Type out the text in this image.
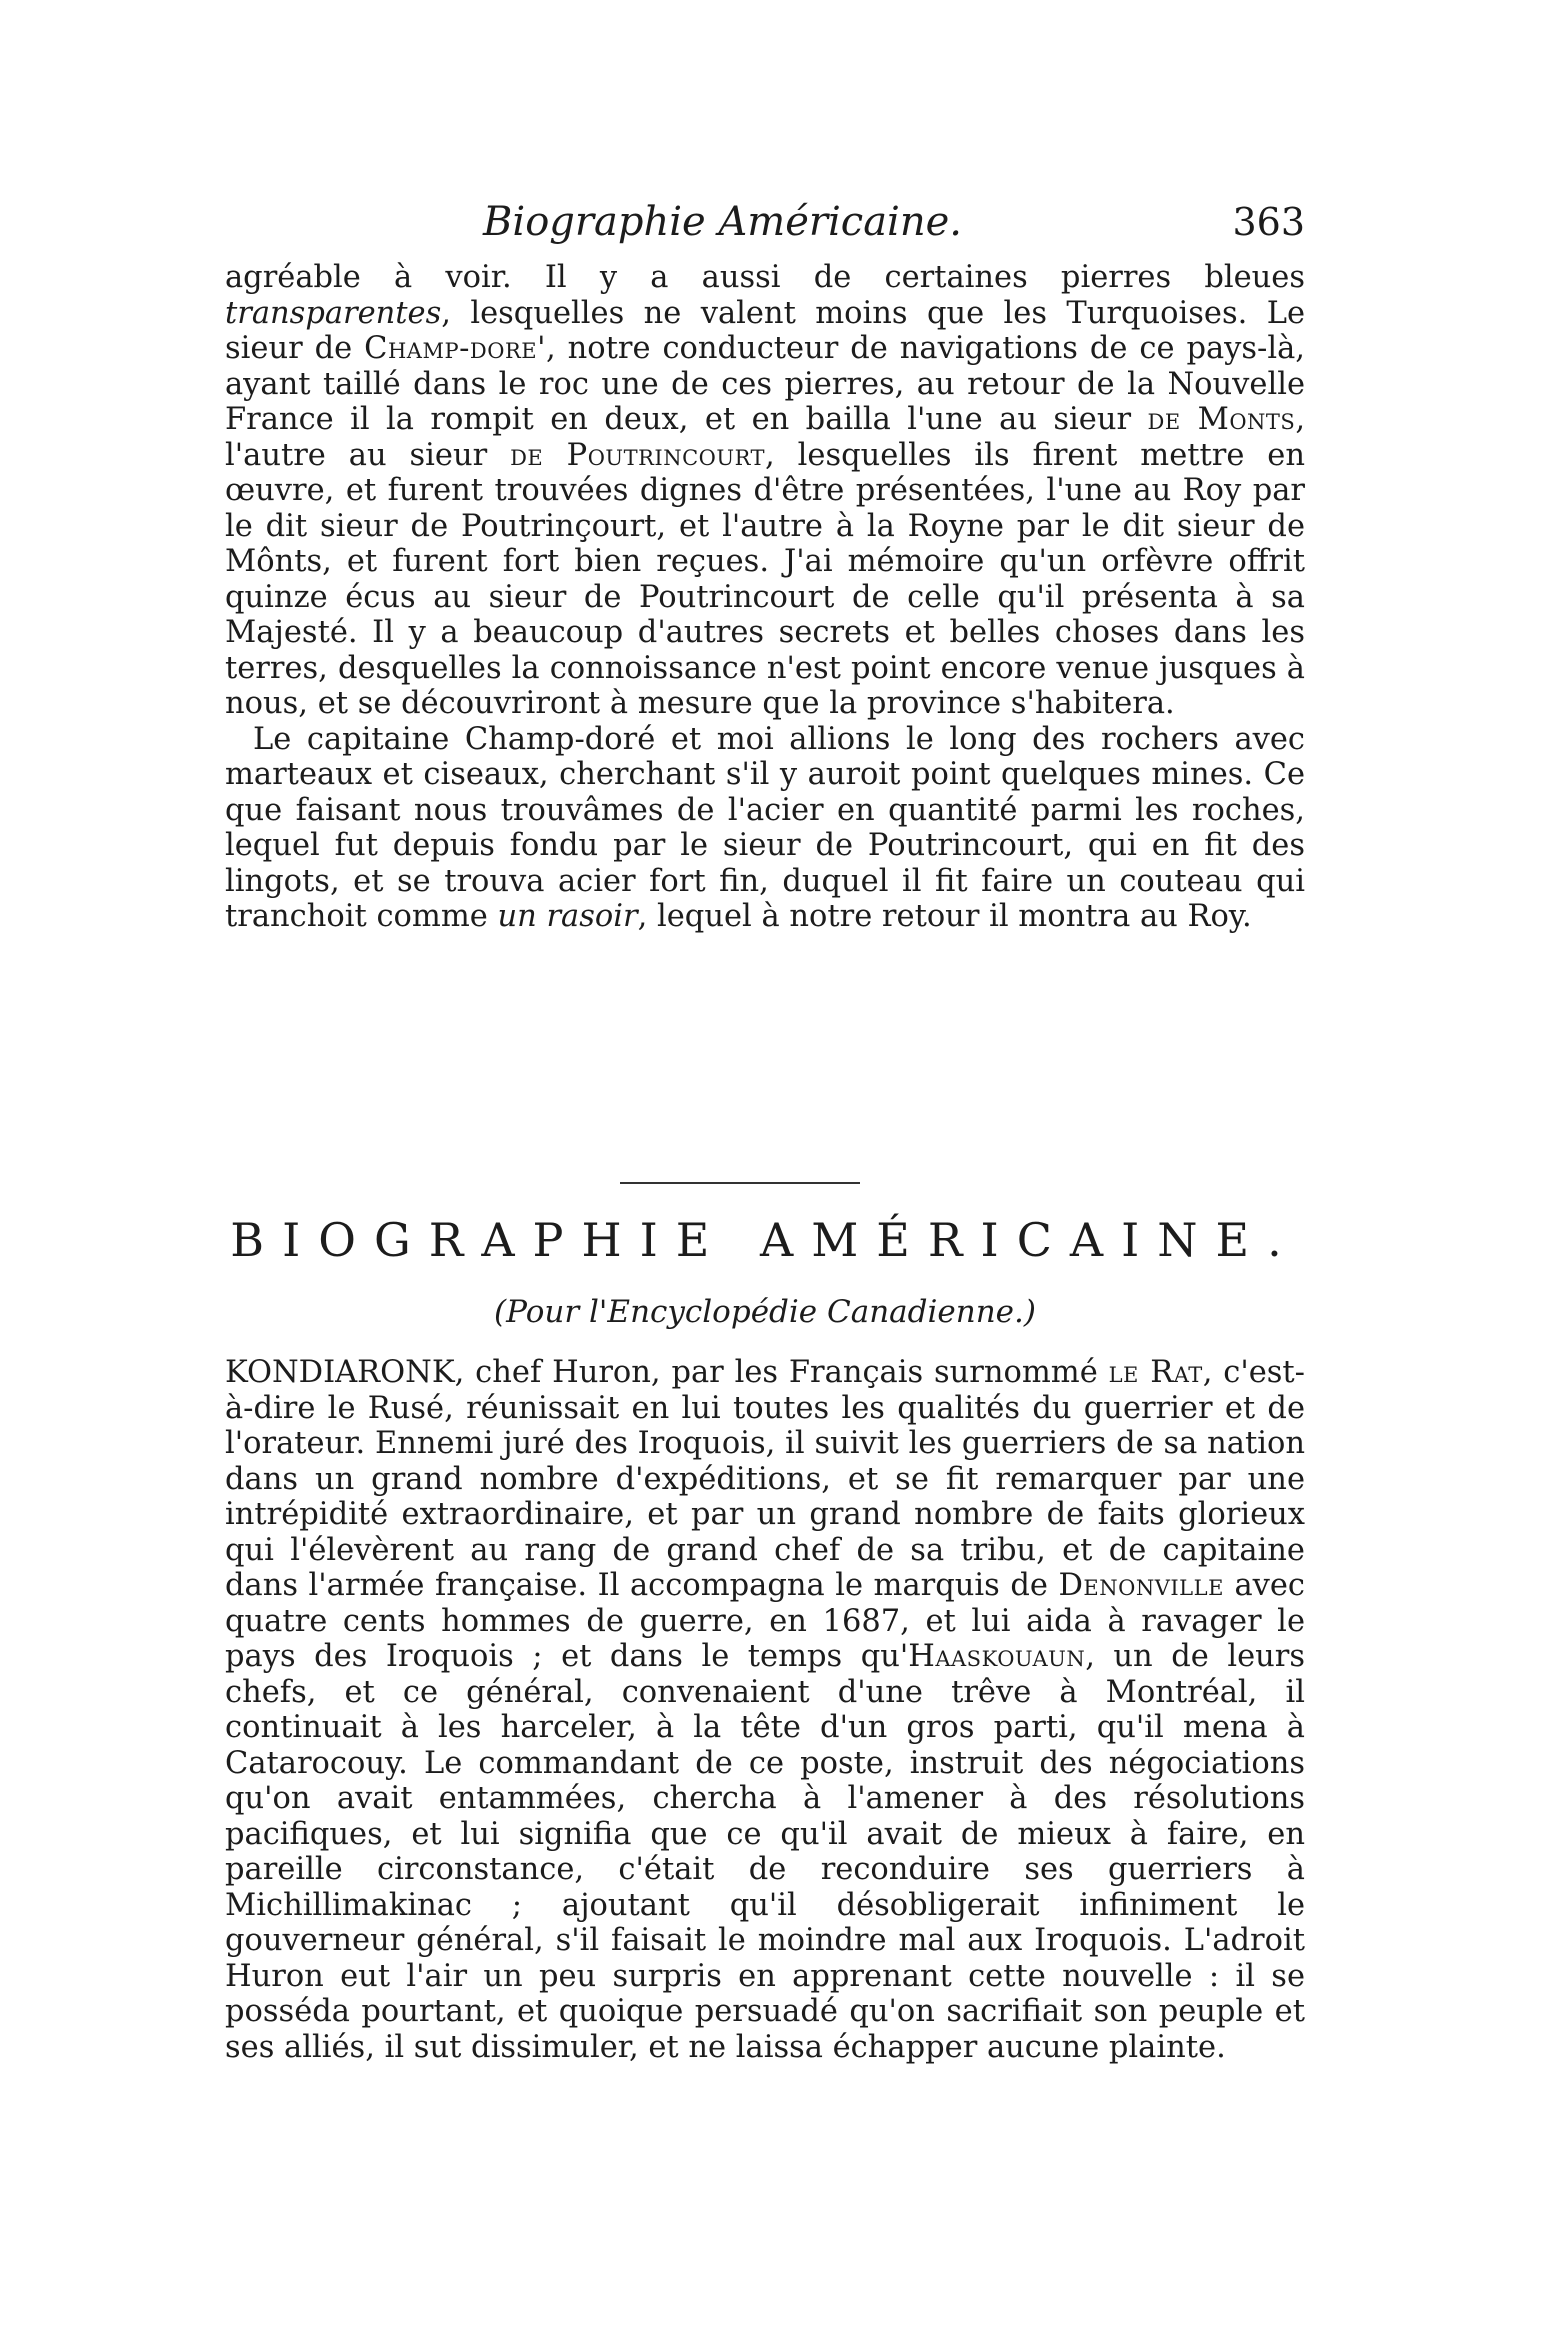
Biographie Américaine.	363

agréable à voir. Il y a aussi de certaines pierres bleues transparentes, lesquelles ne valent moins que les Turquoises. Le sieur de Champ-dore', notre conducteur de navigations de ce pays-là, ayant taillé dans le roc une de ces pierres, au retour de la Nouvelle France il la rompit en deux, et en bailla l'une au sieur de Monts, l'autre au sieur de Poutrincourt, lesquelles ils firent mettre en œuvre, et furent trouvées dignes d'être présentées, l'une au Roy par le dit sieur de Poutrinçourt, et l'autre à la Royne par le dit sieur de Mônts, et furent fort bien reçues. J'ai mémoire qu'un orfèvre offrit quinze écus au sieur de Poutrincourt de celle qu'il présenta à sa Majesté. Il y a beaucoup d'autres secrets et belles choses dans les terres, desquelles la connoissance n'est point encore venue jusques à nous, et se découvriront à mesure que la province s'habitera.

Le capitaine Champ-doré et moi allions le long des rochers avec marteaux et ciseaux, cherchant s'il y auroit point quelques mines. Ce que faisant nous trouvâmes de l'acier en quantité parmi les roches, lequel fut depuis fondu par le sieur de Poutrincourt, qui en fit des lingots, et se trouva acier fort fin, duquel il fit faire un couteau qui tranchoit comme un rasoir, lequel à notre retour il montra au Roy.

BIOGRAPHIE AMÉRICAINE.
(Pour l'Encyclopédie Canadienne.)

KONDIARONK, chef Huron, par les Français surnommé le Rat, c'est-à-dire le Rusé, réunissait en lui toutes les qualités du guerrier et de l'orateur. Ennemi juré des Iroquois, il suivit les guerriers de sa nation dans un grand nombre d'expéditions, et se fit remarquer par une intrépidité extraordinaire, et par un grand nombre de faits glorieux qui l'élevèrent au rang de grand chef de sa tribu, et de capitaine dans l'armée française. Il accompagna le marquis de Denonville avec quatre cents hommes de guerre, en 1687, et lui aida à ravager le pays des Iroquois ; et dans le temps qu'Haaskouaun, un de leurs chefs, et ce général, convenaient d'une trêve à Montréal, il continuait à les harceler, à la tête d'un gros parti, qu'il mena à Catarocouy. Le commandant de ce poste, instruit des négociations qu'on avait entammées, chercha à l'amener à des résolutions pacifiques, et lui signifia que ce qu'il avait de mieux à faire, en pareille circonstance, c'était de reconduire ses guerriers à Michillimakinac ; ajoutant qu'il désobligerait infiniment le gouverneur général, s'il faisait le moindre mal aux Iroquois. L'adroit Huron eut l'air un peu surpris en apprenant cette nouvelle : il se posséda pourtant, et quoique persuadé qu'on sacrifiait son peuple et ses alliés, il sut dissimuler, et ne laissa échapper aucune plainte.
